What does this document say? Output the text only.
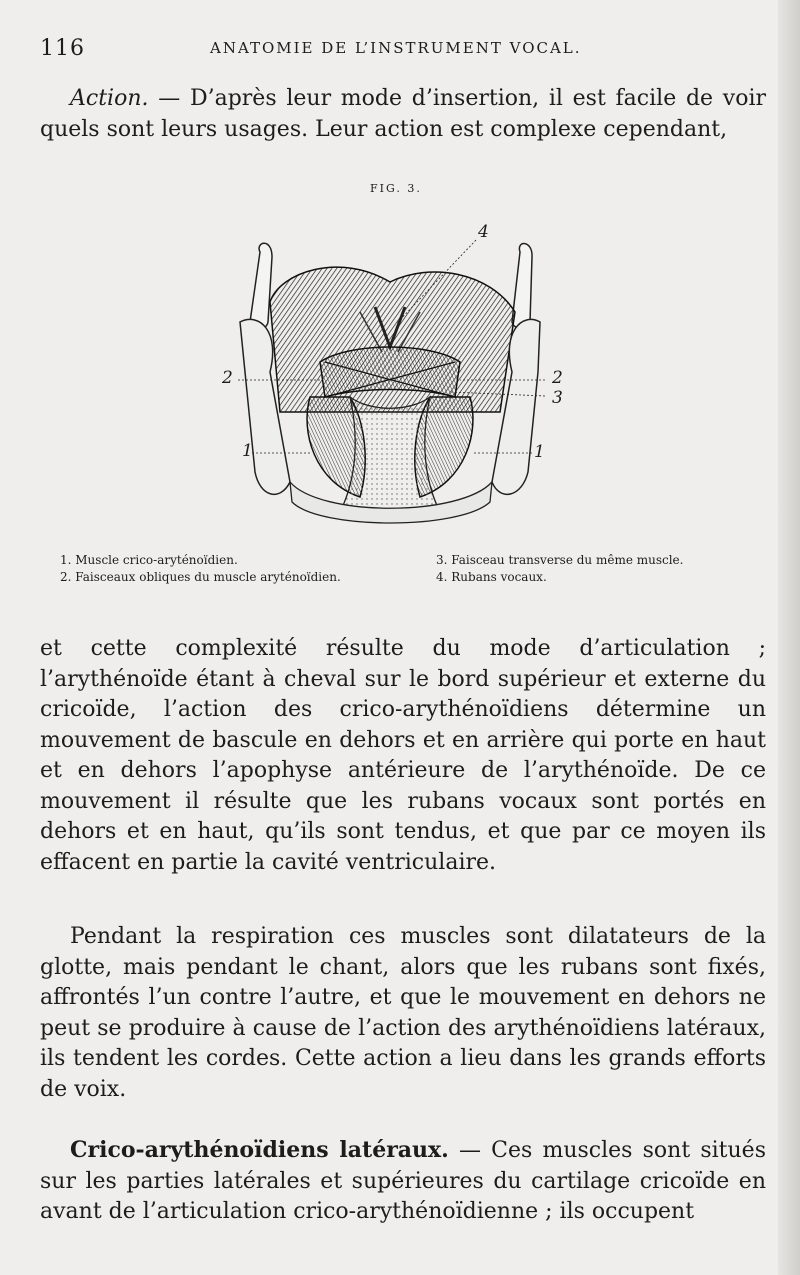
116	ANATOMIE DE L’INSTRUMENT VOCAL.

Action. — D’après leur mode d’insertion, il est facile de voir quels sont leurs usages. Leur action est complexe cependant,

FIG. 3.
2
1
2
3
1
4
1. Muscle crico-aryténoïdien.
2. Faisceaux obliques du muscle aryténoïdien.
3. Faisceau transverse du même muscle.
4. Rubans vocaux.

et cette complexité résulte du mode d’articulation ; l’arythénoïde étant à cheval sur le bord supérieur et externe du cricoïde, l’action des crico-arythénoïdiens détermine un mouvement de bascule en dehors et en arrière qui porte en haut et en dehors l’apophyse antérieure de l’arythénoïde. De ce mouvement il résulte que les rubans vocaux sont portés en dehors et en haut, qu’ils sont tendus, et que par ce moyen ils effacent en partie la cavité ventriculaire.

Pendant la respiration ces muscles sont dilatateurs de la glotte, mais pendant le chant, alors que les rubans sont fixés, affrontés l’un contre l’autre, et que le mouvement en dehors ne peut se produire à cause de l’action des arythénoïdiens latéraux, ils tendent les cordes. Cette action a lieu dans les grands efforts de voix.

Crico-arythénoïdiens latéraux. — Ces muscles sont situés sur les parties latérales et supérieures du cartilage cricoïde en avant de l’articulation crico-arythénoïdienne ; ils occupent
